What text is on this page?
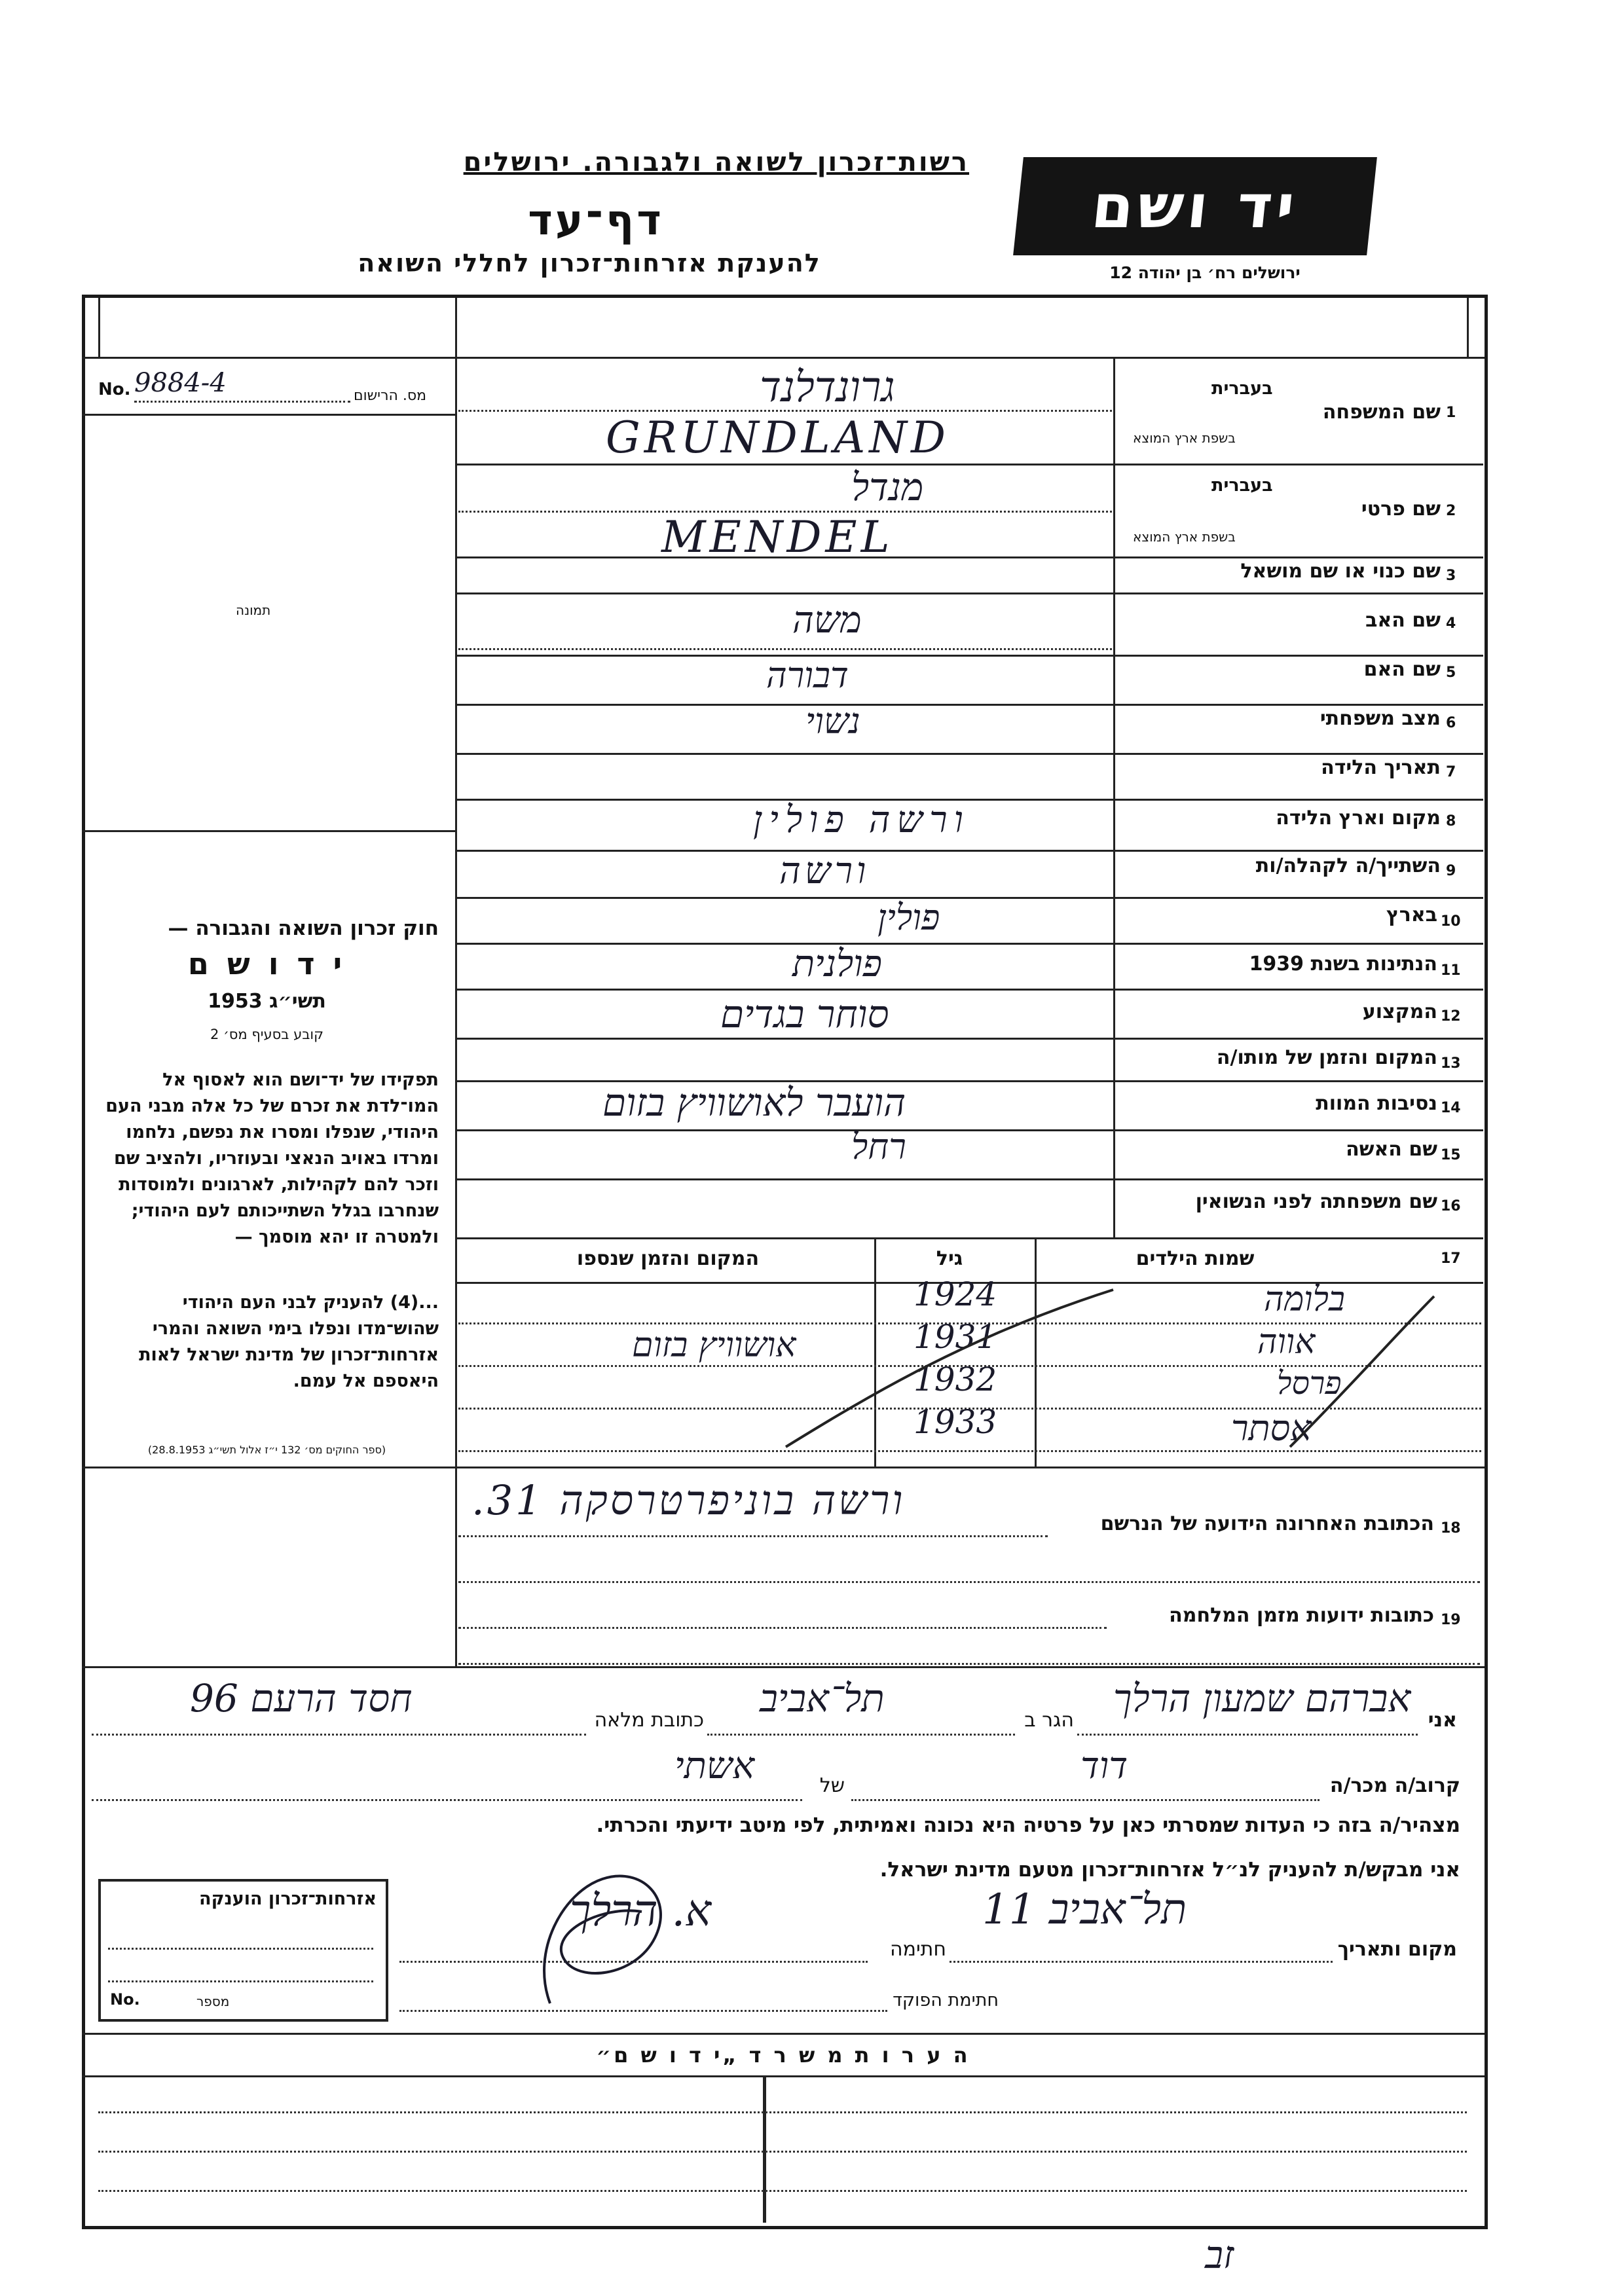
רשות־זכרון לשואה ולגבורה. ירושלים
דף־עד
להענקת אזרחות־זכרון לחללי השואה
יד ושם
ירושלים רח׳ בן יהודה 12
No. 9884-4	מס. הרישום
תמונה
חוק זכרון השואה והגבורה —
י ד ו ש ם
תשי״ג 1953
קובע בסעיף מס׳ 2
תפקידו של יד־ושם הוא לאסוף אל המו־לדת את זכרם של כל אלה מבני העם היהודי, שנפלו ומסרו את נפשם, נלחמו ומרדו באויב הנאצי ובעוזריו, ולהציב שם וזכר להם לקהילות, לארגונים ולמוסדות שנחרבו בגלל השתייכותם לעם היהודי; ולמטרה זו יהא מוסמך —
...(4) להעניק לבני העם היהודי שהוש־מדו ונפלו בימי השואה והמרי אזרחות־זכרון של מדינת ישראל לאות היאספם אל עמם.
(ספר החוקים מס׳ 132 י״ז אלול תשי״ג 28.8.1953)
1
שם המשפחה
בעברית
בשפת ארץ המוצא
גרונדלנד
GRUNDLAND
2
שם פרטי
בעברית
בשפת ארץ המוצא
מנדל
MENDEL
3
שם כנוי או שם מושאל
4
שם האב
משה
5
שם האם
דבורה
6
מצב משפחתי
נשוי
7
תאריך הלידה
8
מקום וארץ הלידה
ורשה פולין
9
השתייך/ה לקהלה/ות
ורשה
10
בארץ
פולין
11
הנתינות בשנת 1939
פולנית
12
המקצוע
סוחר בגדים
13
המקום והזמן של מותו/ה
14
נסיבות המוות
הועבר לאושוויץ בזום
15
שם האשה
רחל
16
שם משפחתה לפני הנשואין
17
שמות הילדים
גיל
המקום והזמן שנספו
בלומה
1924
אווה
1931
אושוויץ בזום
פרסל
1932
אסתר
1933
18
הכתובת האחרונה הידועה של הנרשם
ורשה בוניפרטרסקה 31.
19
כתובות ידועות מזמן המלחמה
אני
אברהם שמעון הרלך
הגר ב
תל־אביב
כתובת מלאה
חסד הרעם 96
קרוב/ה מכר/ה
דוד
של
אשתי
מצהיר/ה בזה כי העדות שמסרתי כאן על פרטיה היא נכונה ואמיתית, לפי מיטב ידיעתי והכרתי.
אני מבקש/ת להעניק לנ״ל אזרחות־זכרון מטעם מדינת ישראל.
מקום ותאריך
תל־אביב 11
חתימה
א. הרלך
חתימת הפוקד
אזרחות־זכרון הוענקה
No.	מספר
ה ע ר ו ת מ ש ר ד „י ד ו ש ם״
זב
